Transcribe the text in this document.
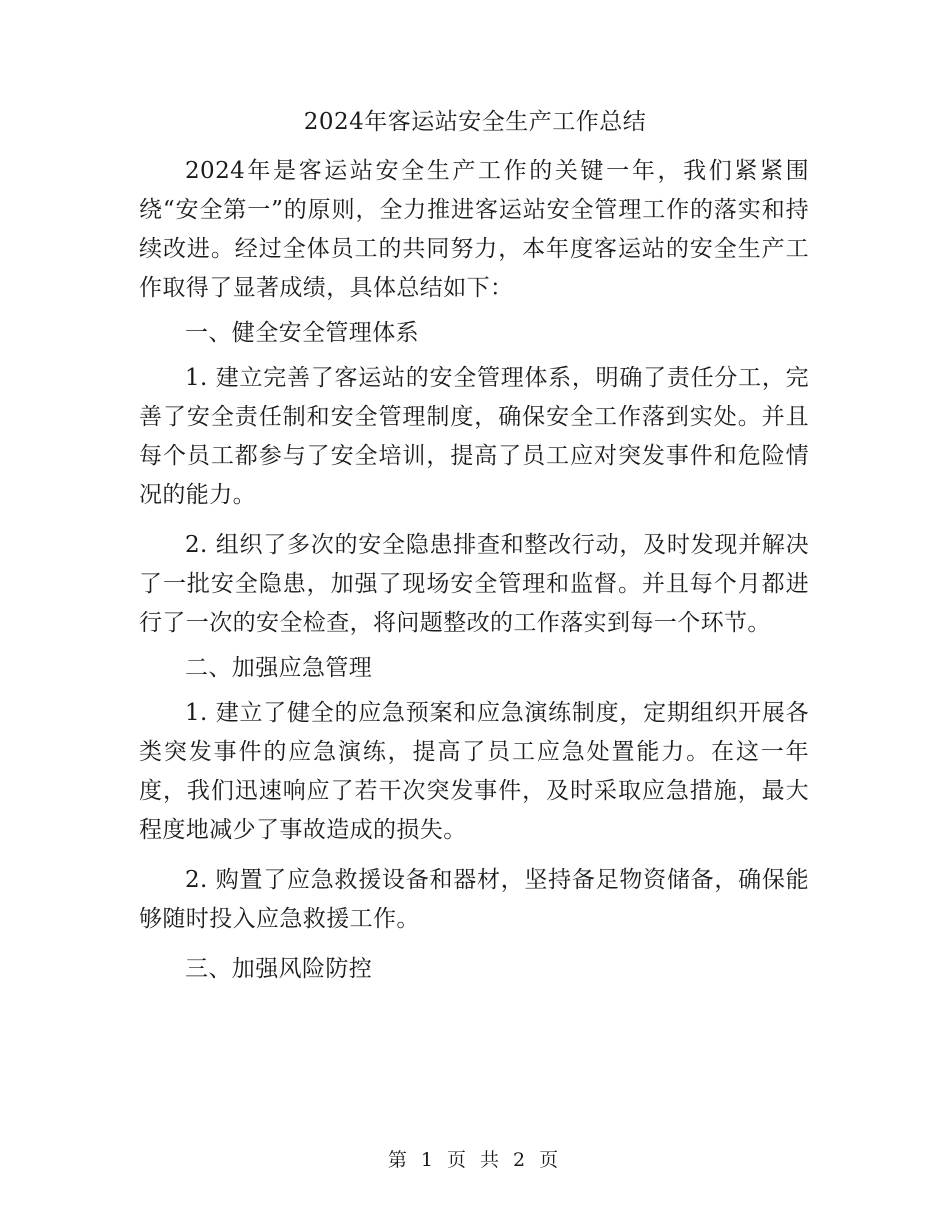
2024年客运站安全生产工作总结

2024年是客运站安全生产工作的关键一年，我们紧紧围绕“安全第一”的原则，全力推进客运站安全管理工作的落实和持续改进。经过全体员工的共同努力，本年度客运站的安全生产工作取得了显著成绩，具体总结如下：

一、健全安全管理体系

1. 建立完善了客运站的安全管理体系，明确了责任分工，完善了安全责任制和安全管理制度，确保安全工作落到实处。并且每个员工都参与了安全培训，提高了员工应对突发事件和危险情况的能力。

2. 组织了多次的安全隐患排查和整改行动，及时发现并解决了一批安全隐患，加强了现场安全管理和监督。并且每个月都进行了一次的安全检查，将问题整改的工作落实到每一个环节。

二、加强应急管理

1. 建立了健全的应急预案和应急演练制度，定期组织开展各类突发事件的应急演练，提高了员工应急处置能力。在这一年度，我们迅速响应了若干次突发事件，及时采取应急措施，最大程度地减少了事故造成的损失。

2. 购置了应急救援设备和器材，坚持备足物资储备，确保能够随时投入应急救援工作。

三、加强风险防控

第 1 页 共 2 页
